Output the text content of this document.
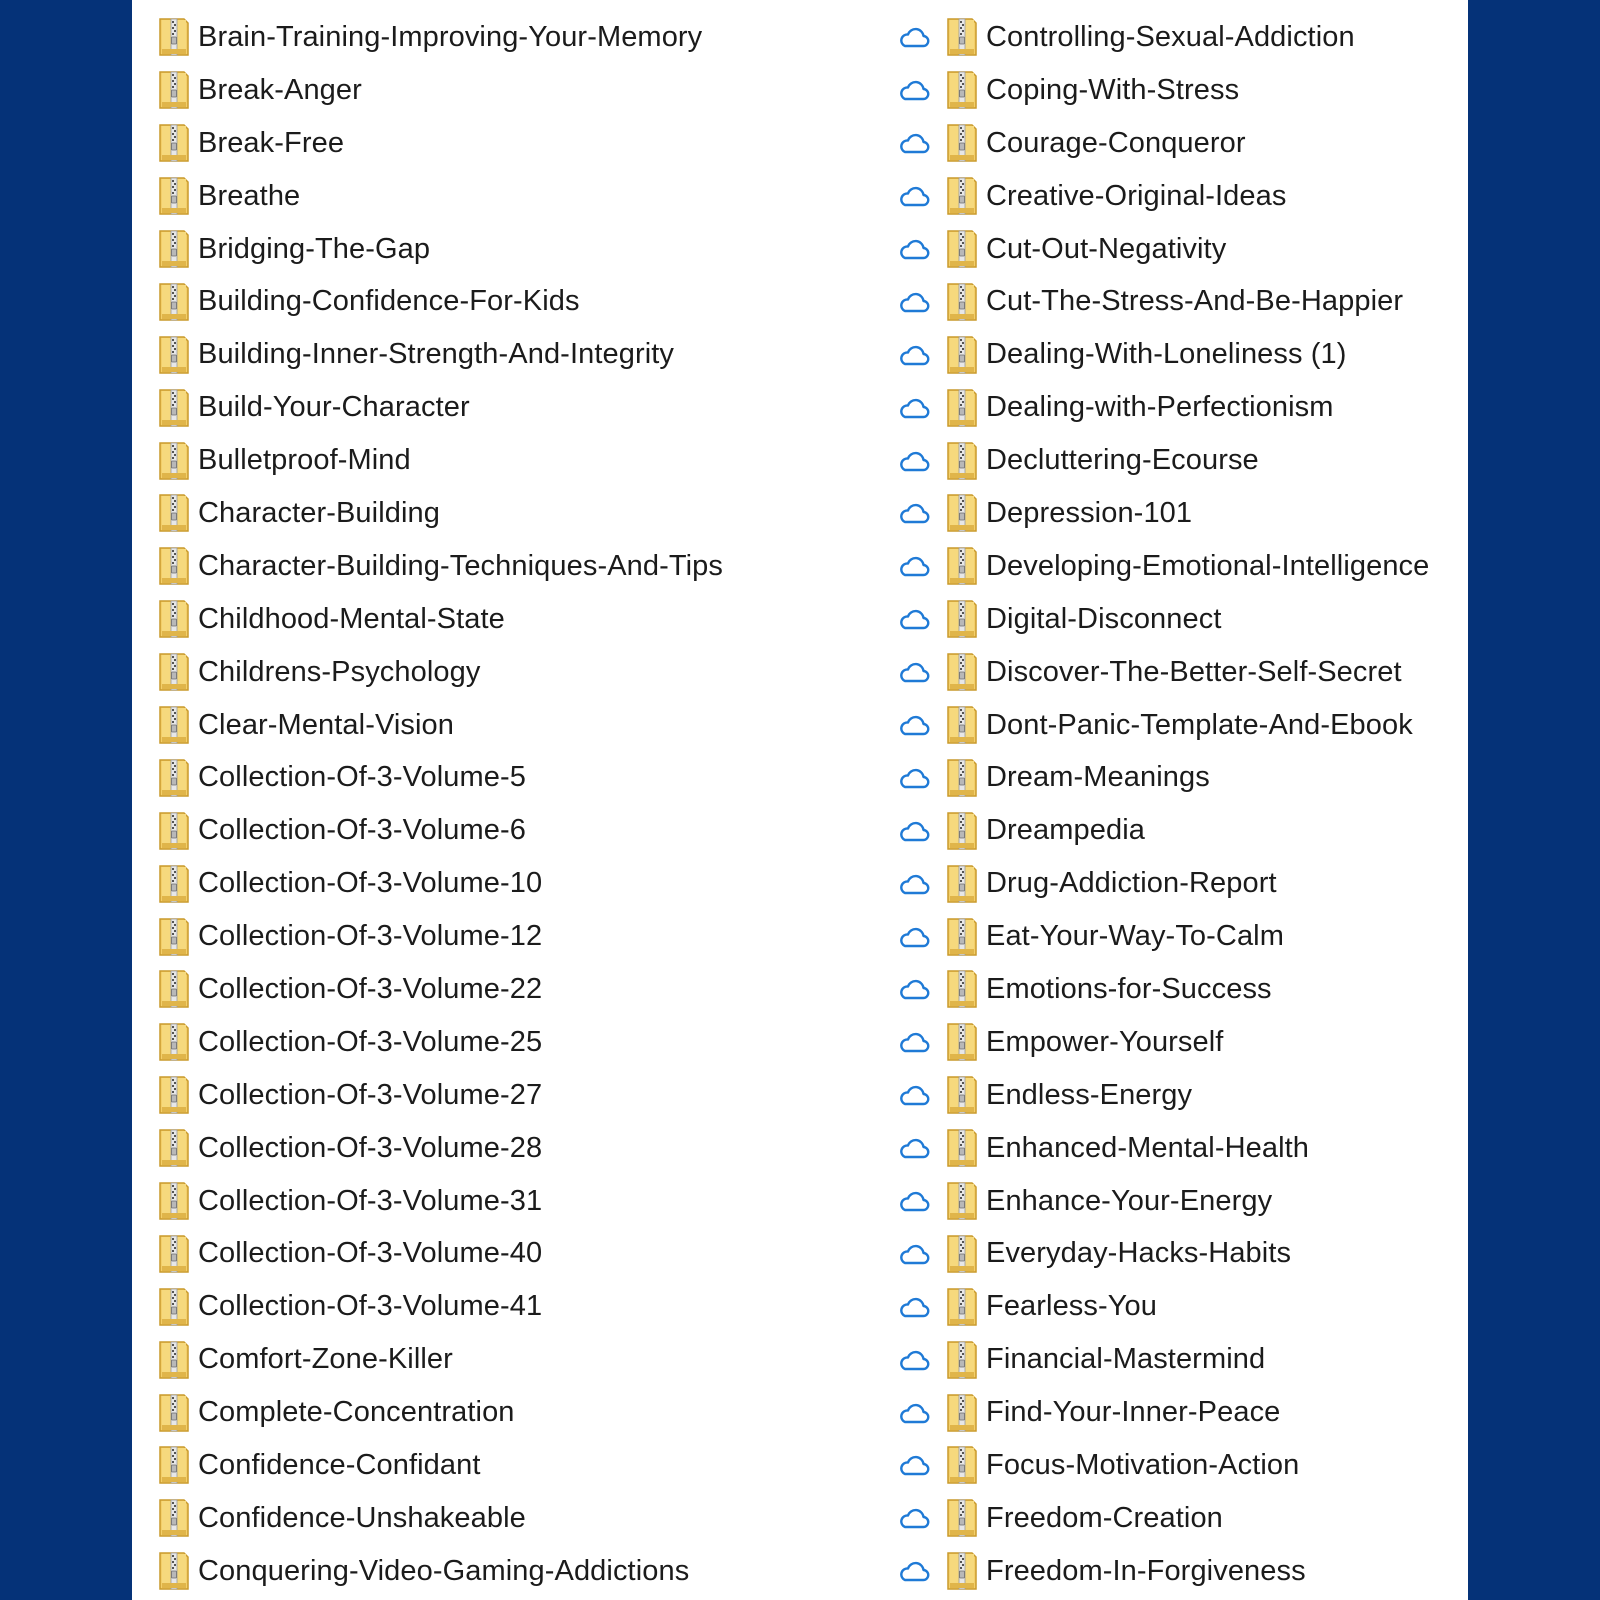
Brain-Training-Improving-Your-Memory
Break-Anger
Break-Free
Breathe
Bridging-The-Gap
Building-Confidence-For-Kids
Building-Inner-Strength-And-Integrity
Build-Your-Character
Bulletproof-Mind
Character-Building
Character-Building-Techniques-And-Tips
Childhood-Mental-State
Childrens-Psychology
Clear-Mental-Vision
Collection-Of-3-Volume-5
Collection-Of-3-Volume-6
Collection-Of-3-Volume-10
Collection-Of-3-Volume-12
Collection-Of-3-Volume-22
Collection-Of-3-Volume-25
Collection-Of-3-Volume-27
Collection-Of-3-Volume-28
Collection-Of-3-Volume-31
Collection-Of-3-Volume-40
Collection-Of-3-Volume-41
Comfort-Zone-Killer
Complete-Concentration
Confidence-Confidant
Confidence-Unshakeable
Conquering-Video-Gaming-Addictions
Controlling-Sexual-Addiction
Coping-With-Stress
Courage-Conqueror
Creative-Original-Ideas
Cut-Out-Negativity
Cut-The-Stress-And-Be-Happier
Dealing-With-Loneliness (1)
Dealing-with-Perfectionism
Decluttering-Ecourse
Depression-101
Developing-Emotional-Intelligence
Digital-Disconnect
Discover-The-Better-Self-Secret
Dont-Panic-Template-And-Ebook
Dream-Meanings
Dreampedia
Drug-Addiction-Report
Eat-Your-Way-To-Calm
Emotions-for-Success
Empower-Yourself
Endless-Energy
Enhanced-Mental-Health
Enhance-Your-Energy
Everyday-Hacks-Habits
Fearless-You
Financial-Mastermind
Find-Your-Inner-Peace
Focus-Motivation-Action
Freedom-Creation
Freedom-In-Forgiveness
